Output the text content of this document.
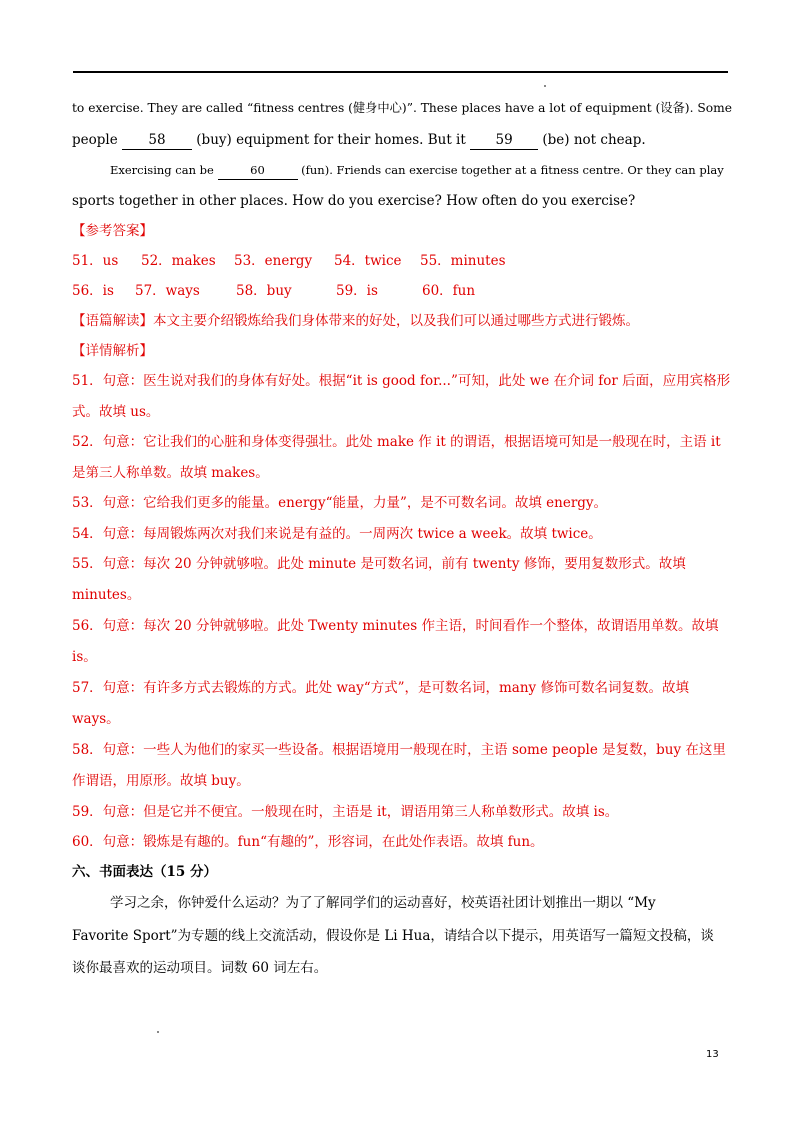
to exercise. They are called “fitness centres (健身中心)”. These places have a lot of equipment (设备). Some
people 58 (buy) equipment for their homes. But it 59 (be) not cheap.
Exercising can be	60	(fun). Friends can exercise together at a fitness centre. Or they can play
sports together in other places. How do you exercise? How often do you exercise?
【参考答案】
51．us 52．makes 53．energy 54．twice 55．minutes
56．is 57．ways	58．buy	59．is	60．fun
【语篇解读】本文主要介绍锻炼给我们身体带来的好处，以及我们可以通过哪些方式进行锻炼。
【详情解析】
51．句意：医生说对我们的身体有好处。根据“it is good for...”可知，此处 we 在介词 for 后面，应用宾格形
式。故填 us。
52．句意：它让我们的心脏和身体变得强壮。此处 make 作 it 的谓语，根据语境可知是一般现在时，主语 it
是第三人称单数。故填 makes。
53．句意：它给我们更多的能量。energy“能量，力量”，是不可数名词。故填 energy。
54．句意：每周锻炼两次对我们来说是有益的。一周两次 twice a week。故填 twice。
55．句意：每次 20 分钟就够啦。此处 minute 是可数名词，前有 twenty 修饰，要用复数形式。故填
minutes。
56．句意：每次 20 分钟就够啦。此处 Twenty minutes 作主语，时间看作一个整体，故谓语用单数。故填
is。
57．句意：有许多方式去锻炼的方式。此处 way“方式”，是可数名词，many 修饰可数名词复数。故填
ways。
58．句意：一些人为他们的家买一些设备。根据语境用一般现在时，主语 some people 是复数，buy 在这里
作谓语，用原形。故填 buy。
59．句意：但是它并不便宜。一般现在时，主语是 it，谓语用第三人称单数形式。故填 is。
60．句意：锻炼是有趣的。fun“有趣的”，形容词，在此处作表语。故填 fun。
六、书面表达（15 分）
学习之余，你钟爱什么运动？为了了解同学们的运动喜好，校英语社团计划推出一期以 “My
Favorite Sport”为专题的线上交流活动，假设你是 Li Hua，请结合以下提示，用英语写一篇短文投稿，谈
谈你最喜欢的运动项目。词数 60 词左右。
13
